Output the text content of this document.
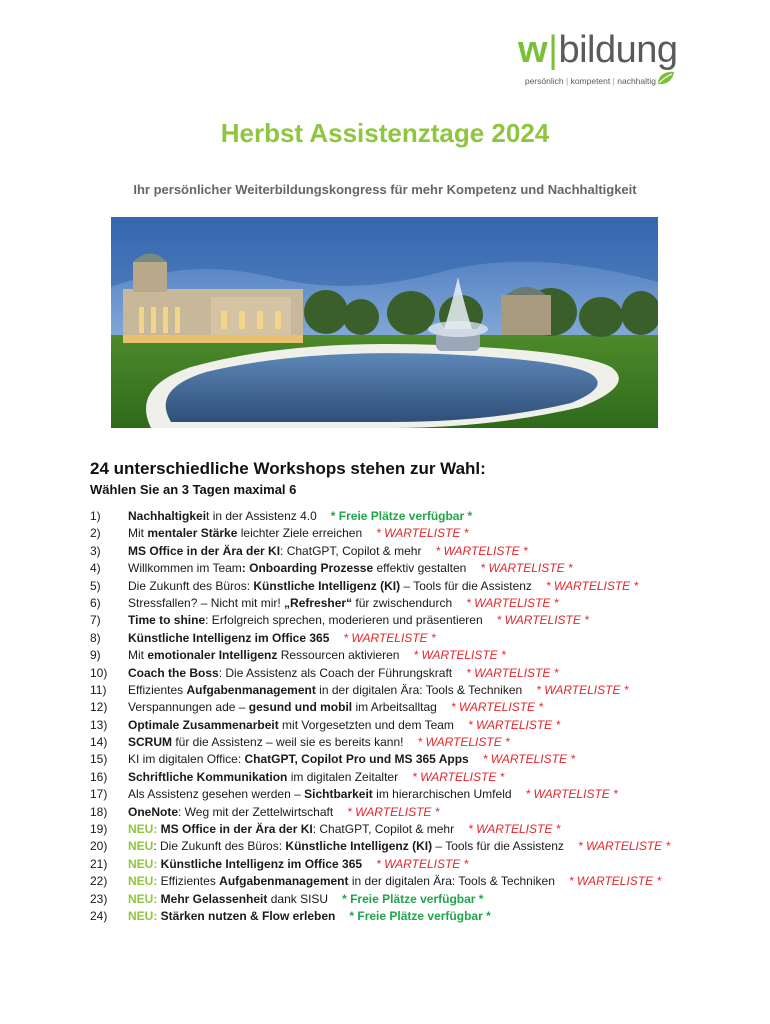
w|bildung
persönlich | kompetent | nachhaltig
Herbst Assistenztage 2024
Ihr persönlicher Weiterbildungskongress für mehr Kompetenz und Nachhaltigkeit
24 unterschiedliche Workshops stehen zur Wahl:
Wählen Sie an 3 Tagen maximal 6
1) Nachhaltigkeit in der Assistenz 4.0 * Freie Plätze verfügbar *
2) Mit mentaler Stärke leichter Ziele erreichen * WARTELISTE *
3) MS Office in der Ära der KI: ChatGPT, Copilot & mehr * WARTELISTE *
4) Willkommen im Team: Onboarding Prozesse effektiv gestalten * WARTELISTE *
5) Die Zukunft des Büros: Künstliche Intelligenz (KI) – Tools für die Assistenz * WARTELISTE *
6) Stressfallen? – Nicht mit mir! „Refresher“ für zwischendurch * WARTELISTE *
7) Time to shine: Erfolgreich sprechen, moderieren und präsentieren * WARTELISTE *
8) Künstliche Intelligenz im Office 365 * WARTELISTE *
9) Mit emotionaler Intelligenz Ressourcen aktivieren * WARTELISTE *
10) Coach the Boss: Die Assistenz als Coach der Führungskraft * WARTELISTE *
11) Effizientes Aufgabenmanagement in der digitalen Ära: Tools & Techniken * WARTELISTE *
12) Verspannungen ade – gesund und mobil im Arbeitsalltag * WARTELISTE *
13) Optimale Zusammenarbeit mit Vorgesetzten und dem Team * WARTELISTE *
14) SCRUM für die Assistenz – weil sie es bereits kann! * WARTELISTE *
15) KI im digitalen Office: ChatGPT, Copilot Pro und MS 365 Apps * WARTELISTE *
16) Schriftliche Kommunikation im digitalen Zeitalter * WARTELISTE *
17) Als Assistenz gesehen werden – Sichtbarkeit im hierarchischen Umfeld * WARTELISTE *
18) OneNote: Weg mit der Zettelwirtschaft * WARTELISTE *
19) NEU: MS Office in der Ära der KI: ChatGPT, Copilot & mehr * WARTELISTE *
20) NEU: Die Zukunft des Büros: Künstliche Intelligenz (KI) – Tools für die Assistenz * WARTELISTE *
21) NEU: Künstliche Intelligenz im Office 365 * WARTELISTE *
22) NEU: Effizientes Aufgabenmanagement in der digitalen Ära: Tools & Techniken * WARTELISTE *
23) NEU: Mehr Gelassenheit dank SISU * Freie Plätze verfügbar *
24) NEU: Stärken nutzen & Flow erleben * Freie Plätze verfügbar *
